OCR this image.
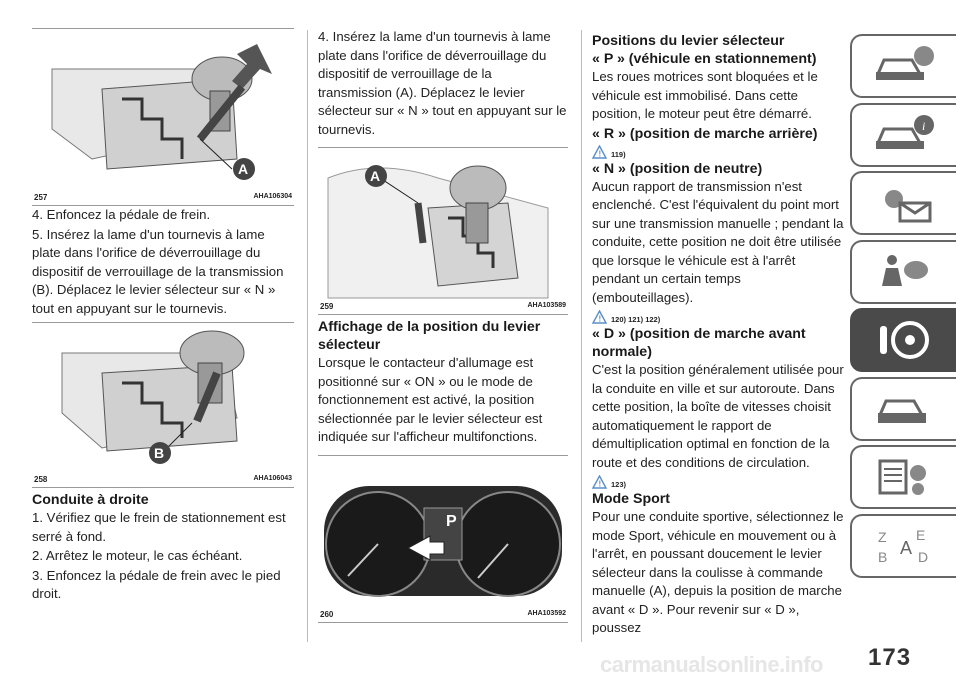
A
257	AHA106304

4. Enfoncez la pédale de frein.

5. Insérez la lame d'un tournevis à lame plate dans l'orifice de déverrouillage du dispositif de verrouillage de la transmission (B). Déplacez le levier sélecteur sur « N » tout en appuyant sur le tournevis.

B
258	AHA106043
Conduite à droite

1. Vérifiez que le frein de stationnement est serré à fond.

2. Arrêtez le moteur, le cas échéant.

3. Enfoncez la pédale de frein avec le pied droit.

4. Insérez la lame d'un tournevis à lame plate dans l'orifice de déverrouillage du dispositif de verrouillage de la transmission (A). Déplacez le levier sélecteur sur « N » tout en appuyant sur le tournevis.

A
259	AHA103589
Affichage de la position du levier sélecteur

Lorsque le contacteur d'allumage est positionné sur « ON » ou le mode de fonctionnement est activé, la position sélectionnée par le levier sélecteur est indiquée sur l'afficheur multifonctions.

P
260	AHA103592
Positions du levier sélecteur
« P » (véhicule en stationnement)

Les roues motrices sont bloquées et le véhicule est immobilisé. Dans cette position, le moteur peut être démarré.

« R » (position de marche arrière)
! 119)
« N » (position de neutre)

Aucun rapport de transmission n'est enclenché. C'est l'équivalent du point mort sur une transmission manuelle ; pendant la conduite, cette position ne doit être utilisée que lorsque le véhicule est à l'arrêt pendant un certain temps (embouteillages).

! 120) 121) 122)
« D » (position de marche avant normale)

C'est la position généralement utilisée pour la conduite en ville et sur autoroute. Dans cette position, la boîte de vitesses choisit automatiquement le rapport de démultiplication optimal en fonction de la route et des conditions de circulation.

! 123)
Mode Sport

Pour une conduite sportive, sélectionnez le mode Sport, véhicule en mouvement ou à l'arrêt, en poussant doucement le levier sélecteur dans la coulisse à commande manuelle (A), depuis la position de marche avant « D ». Pour revenir sur « D », poussez

i
Z E
B A D
carmanualsonline.info 173
